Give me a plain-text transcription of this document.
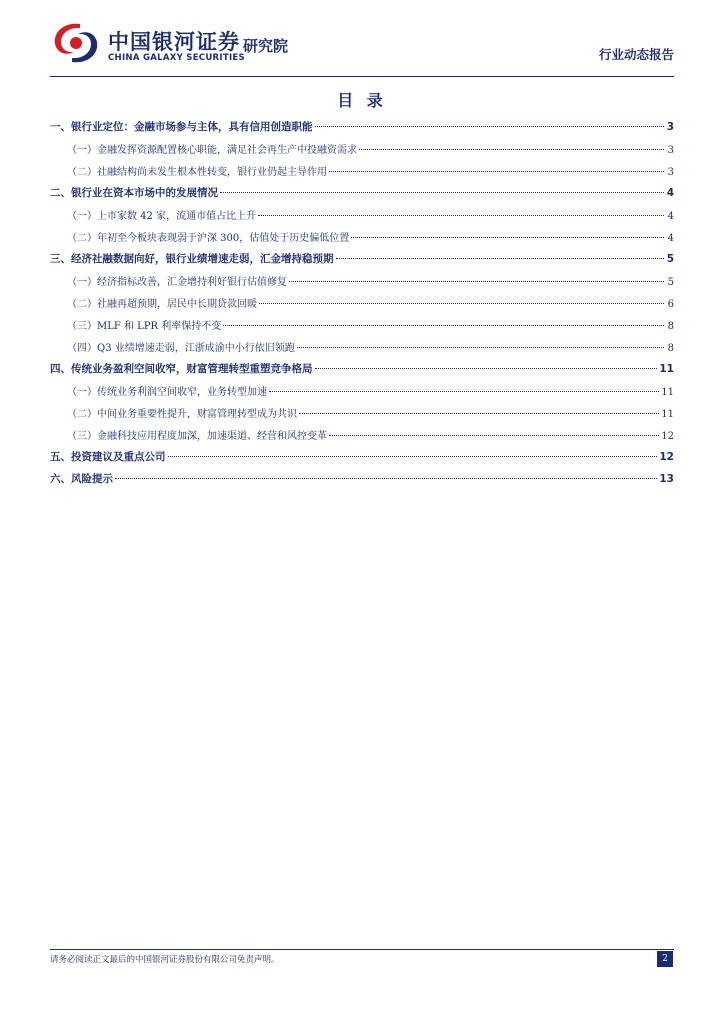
中国银河证券
CHINA GALAXY SECURITIES
研究院	行业动态报告
目 录
一、银行业定位：金融市场参与主体，具有信用创造职能	3
（一）金融发挥资源配置核心职能，满足社会再生产中投融资需求	3
（二）社融结构尚未发生根本性转变，银行业仍起主导作用	3
二、银行业在资本市场中的发展情况	4
（一）上市家数 42 家，流通市值占比上升	4
（二）年初至今板块表现弱于沪深 300，估值处于历史偏低位置	4
三、经济社融数据向好，银行业绩增速走弱，汇金增持稳预期	5
（一）经济指标改善，汇金增持利好银行估值修复	5
（二）社融再超预期，居民中长期贷款回暖	6
（三）MLF 和 LPR 利率保持不变	8
（四）Q3 业绩增速走弱，江浙成渝中小行依旧领跑	8
四、传统业务盈利空间收窄，财富管理转型重塑竞争格局	11
（一）传统业务利润空间收窄，业务转型加速	11
（二）中间业务重要性提升，财富管理转型成为共识	11
（三）金融科技应用程度加深，加速渠道、经营和风控变革	12
五、投资建议及重点公司	12
六、风险提示	13
请务必阅读正文最后的中国银河证券股份有限公司免责声明。	2
